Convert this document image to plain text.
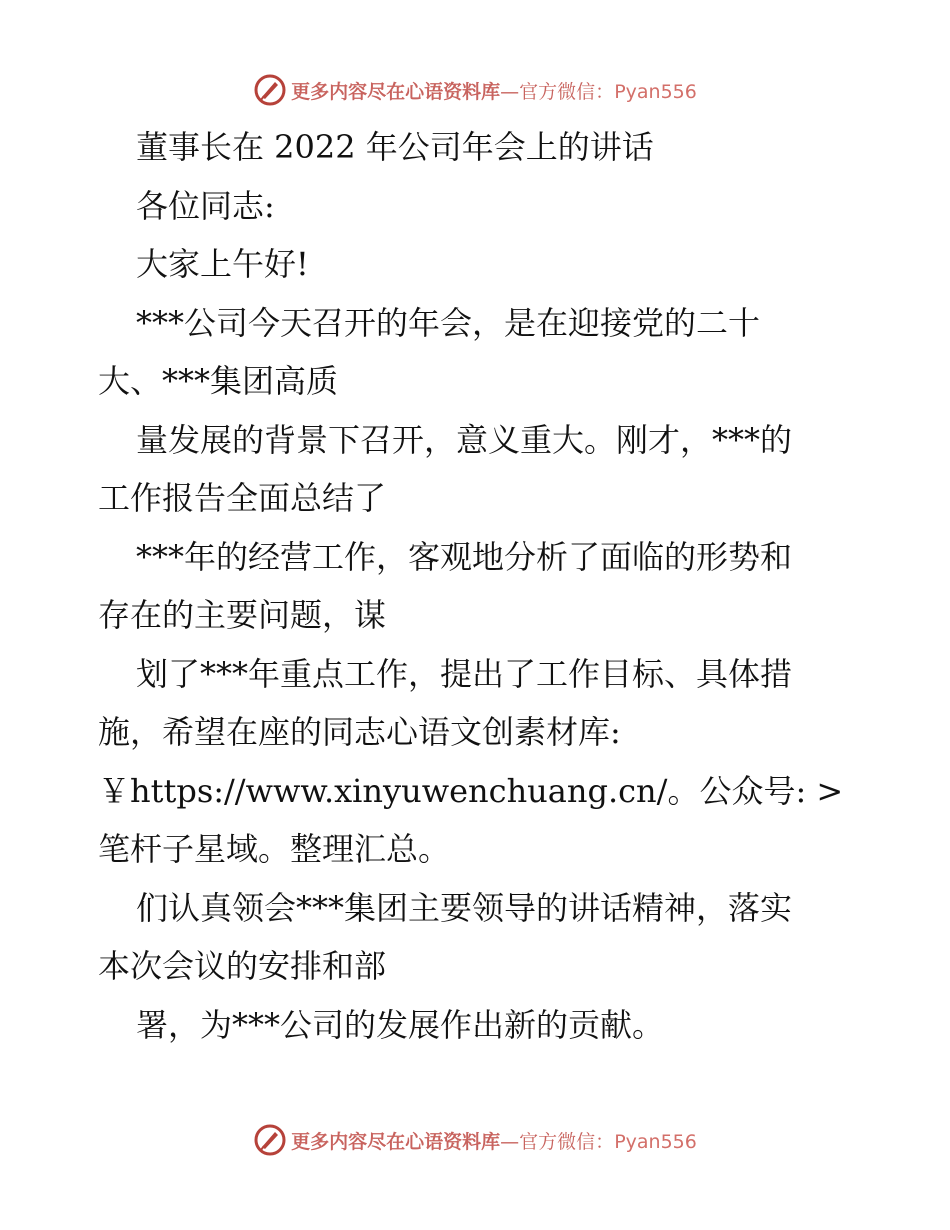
更多内容尽在心语资料库—官方微信：Pyan556
董事长在 2022 年公司年会上的讲话
各位同志:
大家上午好!
***公司今天召开的年会，是在迎接党的二十
大、***集团高质
量发展的背景下召开，意义重大。刚才，***的
工作报告全面总结了
***年的经营工作，客观地分析了面临的形势和
存在的主要问题，谋
划了***年重点工作，提出了工作目标、具体措
施，希望在座的同志心语文创素材库:
￥https://www.xinyuwenchuang.cn/。公众号: >
笔杆子星域。整理汇总。
们认真领会***集团主要领导的讲话精神，落实
本次会议的安排和部
署，为***公司的发展作出新的贡献。
更多内容尽在心语资料库—官方微信：Pyan556
